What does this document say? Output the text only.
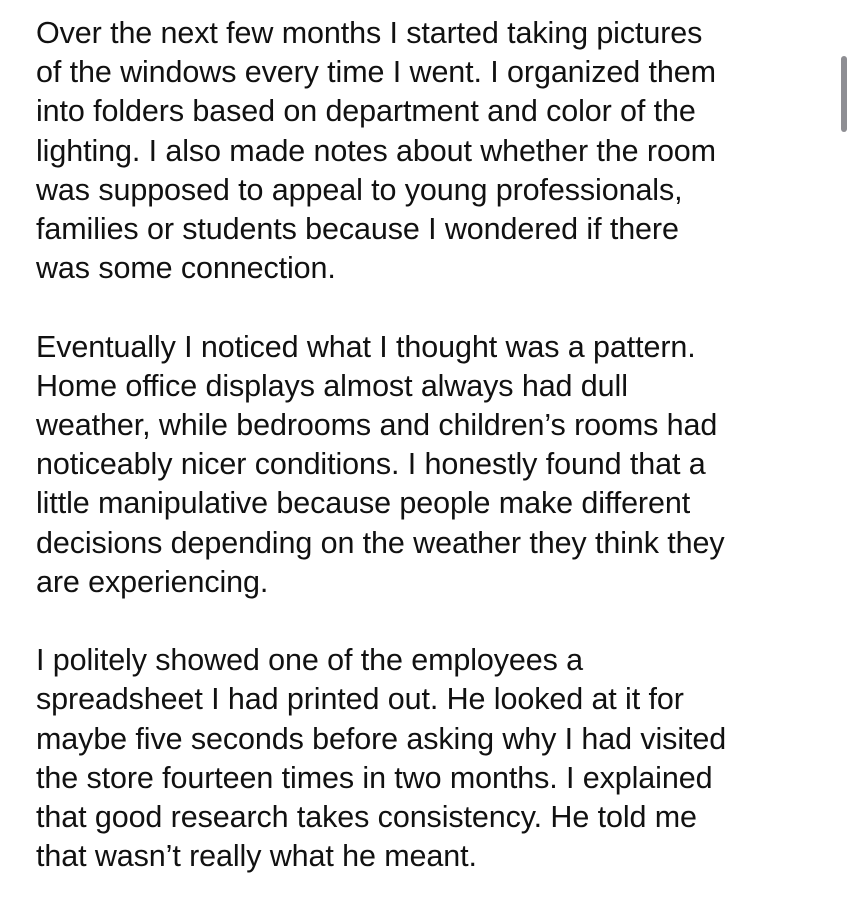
Over the next few months I started taking pictures
of the windows every time I went. I organized them
into folders based on department and color of the
lighting. I also made notes about whether the room
was supposed to appeal to young professionals,
families or students because I wondered if there
was some connection.

Eventually I noticed what I thought was a pattern.
Home office displays almost always had dull
weather, while bedrooms and children’s rooms had
noticeably nicer conditions. I honestly found that a
little manipulative because people make different
decisions depending on the weather they think they
are experiencing.

I politely showed one of the employees a
spreadsheet I had printed out. He looked at it for
maybe five seconds before asking why I had visited
the store fourteen times in two months. I explained
that good research takes consistency. He told me
that wasn’t really what he meant.
